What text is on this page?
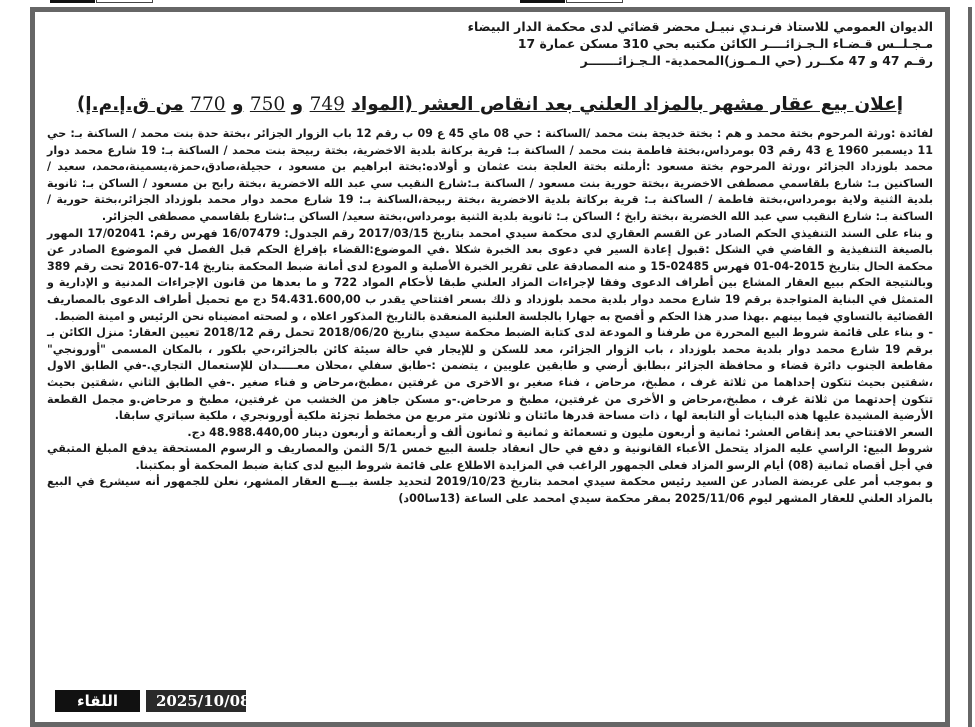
الديوان العمومي للاستاذ فرنـدي نبيـل محضر قضائي لدى محكمة الدار البيضاء
مـجـلــس قـضـاء الـجـزائــــر الكائن مكتبه بحي 310 مسكن عمارة 17
رقـم 47 و 47 مكــرر (حي الـمـوز)المحمدية- الـجـزائـــــــر
إعلان بيع عقار مشهر بالمزاد العلني بعد انقاص العشر (المواد 749 و 750 و 770 من ق.إ.م.إ)

لفائدة :ورثة المرحوم بختة محمد و هم : بختة خديجة بنت محمد /الساكنة : حي 08 ماي 45 ع 09 ب رقم 12 باب الزوار الجزائر ،بختة حدة بنت محمد / الساكنة بـ: حي 11 ديسمبر 1960 ع 43 رقم 03 بومرداس،بختة فاطمة بنت محمد / الساكنة بـ: قرية بركانة بلدية الاخضرية، بختة ربيحة بنت محمد / الساكنة بـ: 19 شارع محمد دوار محمد بلوزداد الجزائر ،ورثة المرحوم بختة مسعود :أرملته بختة العلجة بنت عثمان و أولاده:بختة ابراهيم بن مسعود ، حجيلة،صادق،حمزة،يسمينة،محمد، سعيد / الساكنين بـ: شارع بلقاسمي مصطفى الاخضرية ،بختة حورية بنت مسعود / الساكنة بـ:شارع النقيب سي عبد الله الاخضرية ،بختة رابح بن مسعود / الساكن بـ: ثانوية بلدية الثنية ولاية بومرداس،بختة فاطمة / الساكنة بـ: قرية بركاتة بلدية الاخضرية ،بختة ربيحة،الساكنة بـ: 19 شارع محمد دوار محمد بلوزداد الجزائر،بختة حورية /الساكنة بـ: شارع النقيب سي عبد الله الخضرية ،بختة رابخ ؛ الساكن بـ: ثانوية بلدية الثنية بومرداس،بختة سعيد/ الساكن بـ:شارع بلقاسمي مصطفى الجزائر.

و بناء على السند التنفيذي الحكم الصادر عن القسم العقاري لدى محكمة سيدي امحمد بتاريخ 2017/03/15 رقم الجدول: 16/07479 فهرس رقم: 17/02041 المهور بالصيغة التنفيذية و القاضي في الشكل :قبول إعادة السير في دعوى بعد الخبرة شكلا .في الموضوع:القضاء بإفراغ الحكم قبل الفصل في الموضوع الصادر عن محكمة الحال بتاريخ 2015-04-01 فهرس 02485-15 و منه المصادقة على تقرير الخبرة الأصلية و المودع لدى أمانة ضبط المحكمة بتاريخ 14-07-2016 تحت رقم 389 وبالنتيجة الحكم ببيع العقار المشاع بين أطراف الدعوى وفقا لإجراءات المزاد العلني طبقا لأحكام المواد 722 و ما بعدها من قانون الإجراءات المدنية و الإدارية و المتمثل في البناية المتواجدة برقم 19 شارع محمد دوار بلدية محمد بلوزداد و ذلك بسعر افتتاحي يقدر ب 54.431.600,00 دج مع تحميل أطراف الدعوى بالمصاريف القضائية بالتساوي فيما بينهم .بهذا صدر هذا الحكم و أفصح به جهارا بالجلسة العلنية المنعقدة بالتاريخ المذكور اعلاه ، و لصحته امضيناه نحن الرئيس و امينة الضبط.

- و بناء على قائمة شروط البيع المحررة من طرفنا و المودعة لدى كتابة الضبط محكمة سيدي بتاريخ 2018/06/20 تحمل رقم 2018/12 تعيين العقار: منزل الكائن بـ برقم 19 شارع محمد دوار بلدية محمد بلوزداد ، باب الزوار الجزائر، معد للسكن و للإيجار في حالة سيئة كائن بالجزائر،حي بلكور ، بالمكان المسمى "أورونجي" مقاطعة الجنوب دائرة قضاء و محافظة الجزائر ،بطابق أرضي و طابقين علويين ، يتضمن :-طابق سفلي ،محلان معـــــدان للإستعمال التجاري.-في الطابق الاول ،شقتين بحيث تتكون إحداهما من ثلاثة غرف ، مطبخ، مرحاض ، فناء صغير ،و الاخرى من غرفتين ،مطبخ،مرحاض و فناء صغير .-في الطابق الثاني ،شقتين بحيث تتكون إحدتهما من ثلاثة غرف ، مطبخ،مرحاض و الأخرى من غرفتين، مطبخ و مرحاض.-و مسكن جاهز من الخشب من غرفتين، مطبخ و مرحاض.و مجمل القطعة الأرضية المشيدة عليها هذه البنايات أو التابعة لها ، ذات مساحة قدرها مائتان و ثلاثون متر مربع من مخطط تجزئة ملكية أورونجري ، ملكية سباتري سابقا.

السعر الافتتاحي بعد إنقاص العشر: ثمانية و أربعون مليون و تسعمائة و ثمانية و ثمانون ألف و أربعمائة و أربعون دينار 48.988.440,00 دج.

شروط البيع: الراسي عليه المزاد يتحمل الأعباء القانونية و دفع في حال انعقاد جلسة البيع خمس 5/1 الثمن والمصاريف و الرسوم المستحقة يدفع المبلغ المتبقي في أجل أقصاه ثمانية (08) أيام الرسو المزاد فعلى الجمهور الراغب في المزايدة الاطلاع على قائمة شروط البيع لدى كتابة ضبط المحكمة أو بمكتبنا.

و بموجب أمر على عريضة الصادر عن السيد رئيس محكمة سيدي امحمد بتاريخ 2019/10/23 لتحديد جلسة بيـــع العقار المشهر، نعلن للجمهور أنه سيشرع في البيع بالمزاد العلني للعقار المشهر ليوم 2025/11/06 بمقر محكمة سيدي امحمد على الساعة (13سا00د)

اللقاء	2025/10/08
